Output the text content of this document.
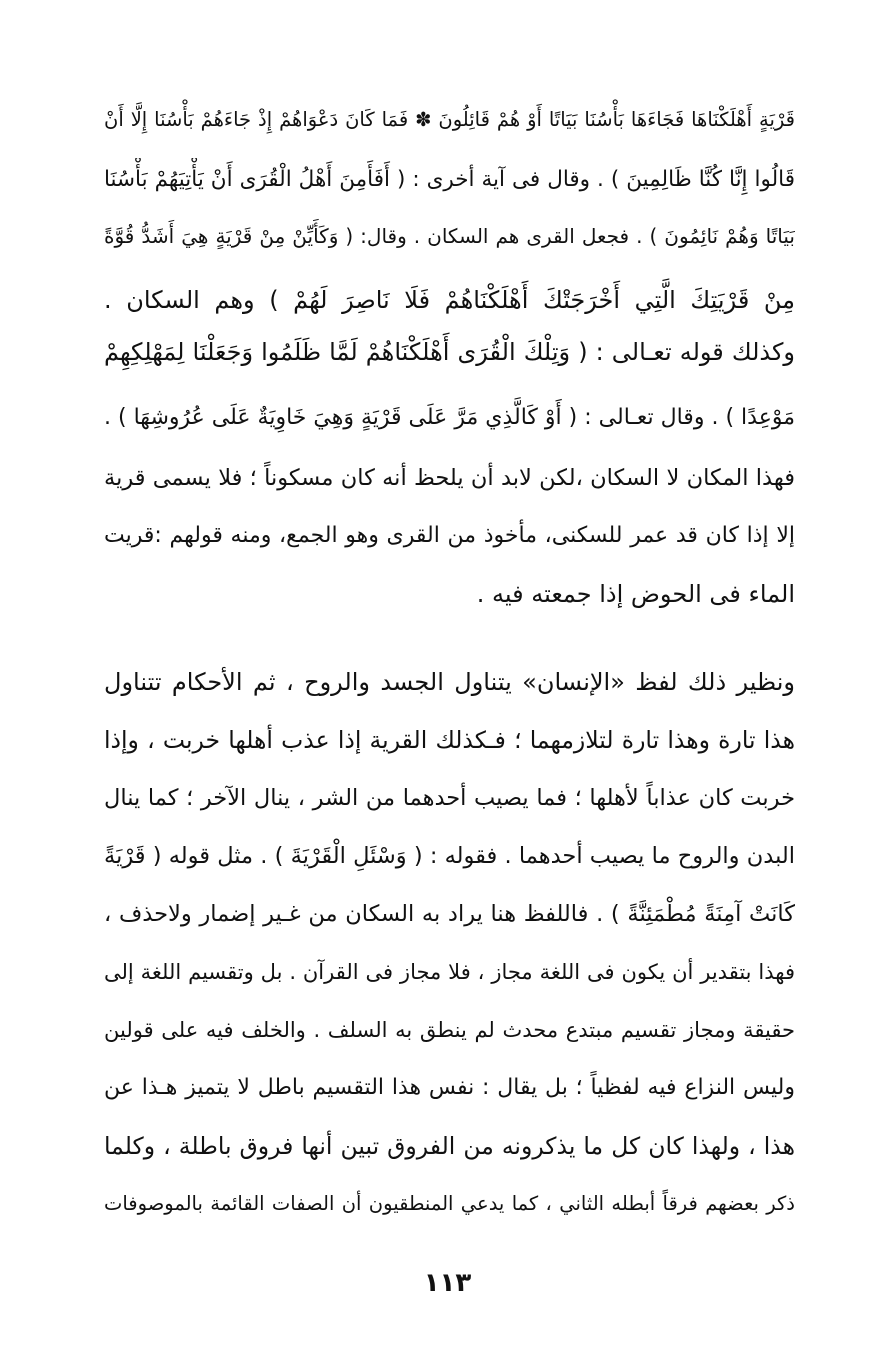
قَرْيَةٍ أَهْلَكْنَاهَا فَجَاءَهَا بَأْسُنَا بَيَاتًا أَوْ هُمْ قَائِلُونَ ✽ فَمَا كَانَ دَعْوَاهُمْ إِذْ جَاءَهُمْ بَأْسُنَا إِلَّا أَنْ
قَالُوا إِنَّا كُنَّا ظَالِمِينَ ) . وقال فى آية أخرى : ( أَفَأَمِنَ أَهْلُ الْقُرَى أَنْ يَأْتِيَهُمْ بَأْسُنَا
بَيَاتًا وَهُمْ نَائِمُونَ ) . فجعل القرى هم السكان . وقال: ( وَكَأَيِّنْ مِنْ قَرْيَةٍ هِيَ أَشَدُّ قُوَّةً
مِنْ قَرْيَتِكَ الَّتِي أَخْرَجَتْكَ أَهْلَكْنَاهُمْ فَلَا نَاصِرَ لَهُمْ ) وهم السكان .
وكذلك قوله تعـالى : ( وَتِلْكَ الْقُرَى أَهْلَكْنَاهُمْ لَمَّا ظَلَمُوا وَجَعَلْنَا لِمَهْلِكِهِمْ
مَوْعِدًا ) . وقال تعـالى : ( أَوْ كَالَّذِي مَرَّ عَلَى قَرْيَةٍ وَهِيَ خَاوِيَةٌ عَلَى عُرُوشِهَا ) .
فهذا المكان لا السكان ،لكن لابد أن يلحظ أنه كان مسكوناً ؛ فلا يسمى قرية
إلا إذا كان قد عمر للسكنى، مأخوذ من القرى وهو الجمع، ومنه قولهم :قريت
الماء فى الحوض إذا جمعته فيه .
ونظير ذلك لفظ «الإنسان» يتناول الجسد والروح ، ثم الأحكام تتناول
هذا تارة وهذا تارة لتلازمهما ؛ فـكذلك القرية إذا عذب أهلها خربت ، وإذا
خربت كان عذاباً لأهلها ؛ فما يصيب أحدهما من الشر ، ينال الآخر ؛ كما ينال
البدن والروح ما يصيب أحدهما . فقوله : ( وَسْئَلِ الْقَرْيَةَ ) . مثل قوله ( قَرْيَةً
كَانَتْ آمِنَةً مُطْمَئِنَّةً ) . فاللفظ هنا يراد به السكان من غـير إضمار ولاحذف ،
فهذا بتقدير أن يكون فى اللغة مجاز ، فلا مجاز فى القرآن . بل وتقسيم اللغة إلى
حقيقة ومجاز تقسيم مبتدع محدث لم ينطق به السلف . والخلف فيه على قولين
وليس النزاع فيه لفظياً ؛ بل يقال : نفس هذا التقسيم باطل لا يتميز هـذا عن
هذا ، ولهذا كان كل ما يذكرونه من الفروق تبين أنها فروق باطلة ، وكلما
ذكر بعضهم فرقاً أبطله الثاني ، كما يدعي المنطقيون أن الصفات القائمة بالموصوفات
١١٣
